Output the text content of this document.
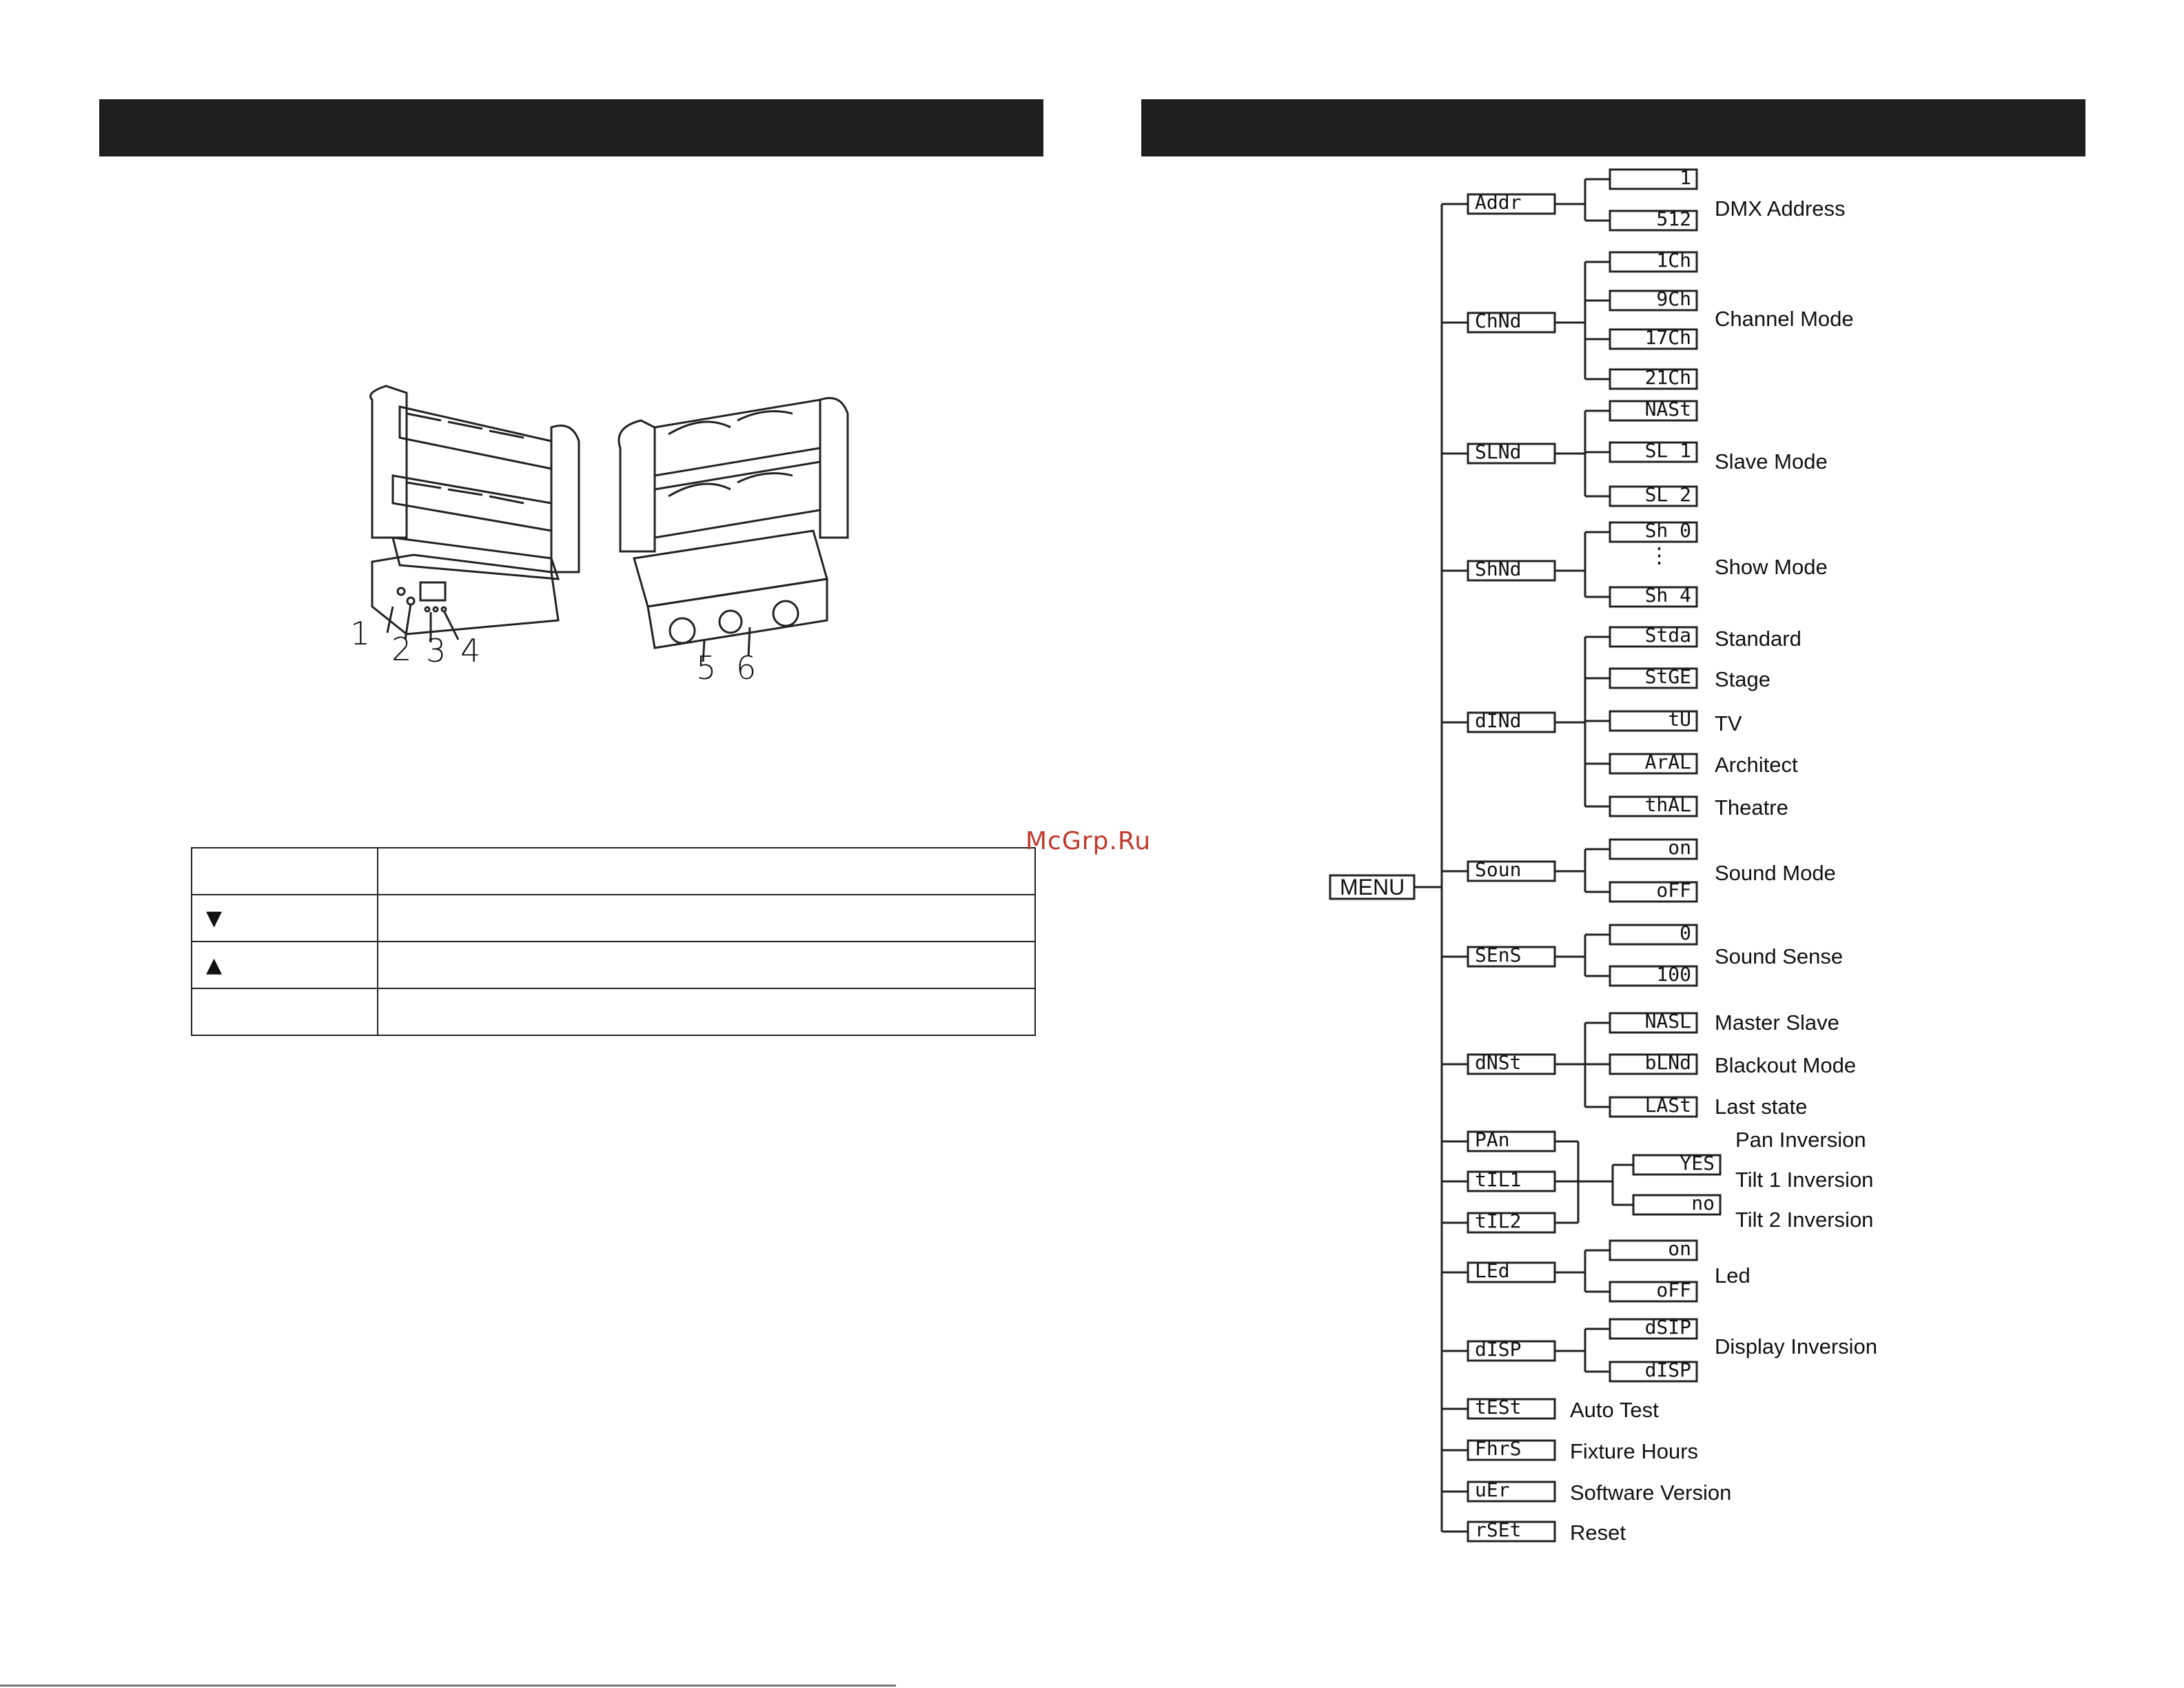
1 2 3 4	5 6

▼	
▲	

McGrp.Ru
MENU
Addr
1
512 DMX Address
ChNd
1Ch
9Ch
17Ch
21Ch
Channel Mode
SLNd
NASt
SL 1
SL 2
Slave Mode
ShNd
Sh 0
⋮
Sh 4
Show Mode
dINd
Stda
StGE
tU
ArAL
thAL
Standard
Stage
TV
Architect
Theatre
Soun
on
oFF
Sound Mode
SEnS
0
100
Sound Sense
dNSt
NASL
bLNd
LASt
Master Slave
Blackout Mode
Last state
PAn
tIL1
tIL2
YES
no
Pan Inversion
Tilt 1 Inversion
Tilt 2 Inversion
LEd
on
oFF
Led
dISP
dSIP
dISP
Display Inversion
tESt Auto Test
FhrS Fixture Hours
uEr	Software Version
rSEt Reset
